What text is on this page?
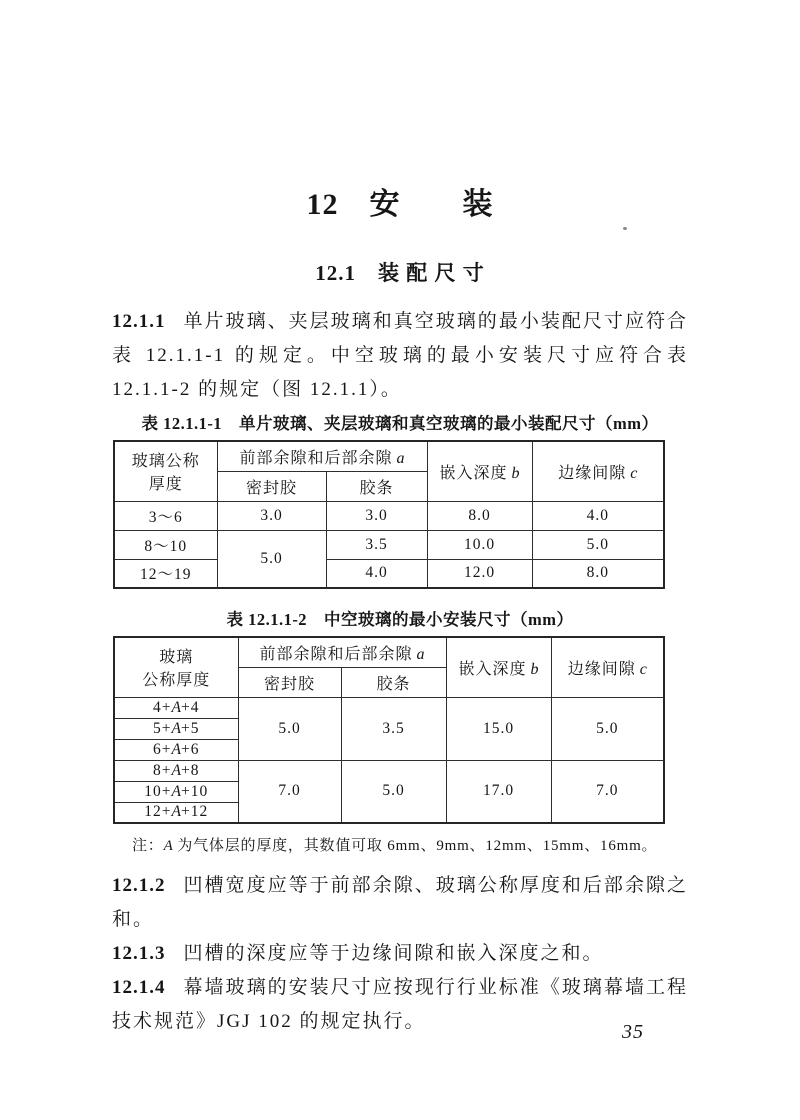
12　安　　装
12.1　装 配 尺 寸

12.1.1 单片玻璃、夹层玻璃和真空玻璃的最小装配尺寸应符合表 12.1.1-1 的规定。中空玻璃的最小安装尺寸应符合表 12.1.1-2 的规定（图 12.1.1）。

表 12.1.1-1　单片玻璃、夹层玻璃和真空玻璃的最小装配尺寸（mm）
玻璃公称
厚度	前部余隙和后部余隙 a		嵌入深度 b	边缘间隙 c
	密封胶	胶条		
3～6	3.0	3.0	8.0	4.0
8～10	5.0	3.5	10.0	5.0
12～19		4.0	12.0	8.0
表 12.1.1-2　中空玻璃的最小安装尺寸（mm）
玻璃
公称厚度	前部余隙和后部余隙 a		嵌入深度 b	边缘间隙 c
	密封胶	胶条		
4+A+4	5.0	3.5	15.0	5.0
5+A+5				
6+A+6				
8+A+8	7.0	5.0	17.0	7.0
10+A+10				
12+A+12				
注：A 为气体层的厚度，其数值可取 6mm、9mm、12mm、15mm、16mm。

12.1.2 凹槽宽度应等于前部余隙、玻璃公称厚度和后部余隙之和。

12.1.3 凹槽的深度应等于边缘间隙和嵌入深度之和。

12.1.4 幕墙玻璃的安装尺寸应按现行行业标准《玻璃幕墙工程技术规范》JGJ 102 的规定执行。	35
